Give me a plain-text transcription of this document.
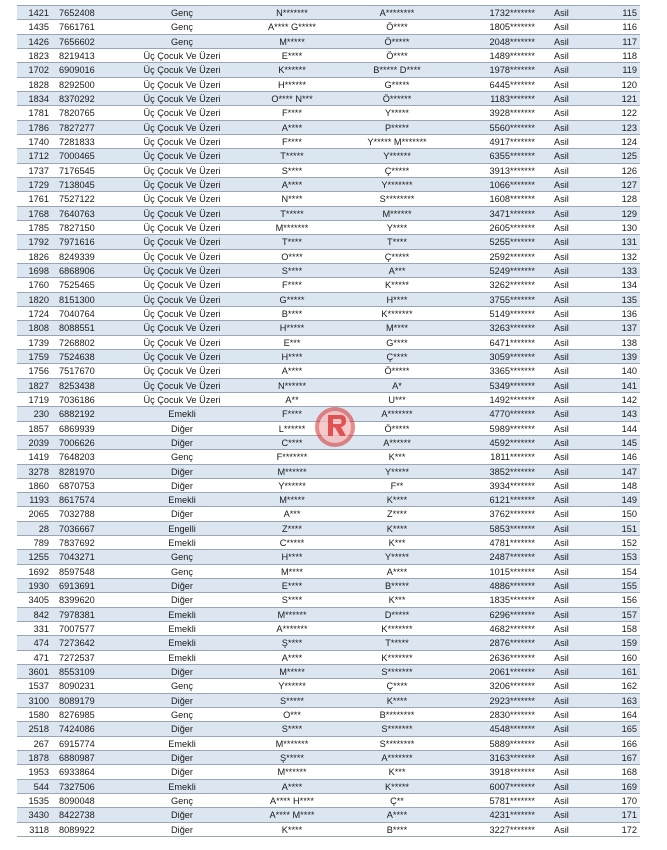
1421 7652408	Genç	N*******	A********	1732******* Asil	115
1435 7661761	Genç	A**** G*****	Ö****	1805******* Asil	116
1426 7656602	Genç	M*****	Ö*****	2048******* Asil	117
1823 8219413	Üç Çocuk Ve Üzeri	E****	Ö****	1489******* Asil	118
1702 6909016	Üç Çocuk Ve Üzeri	K******	B***** D****	1978******* Asil	119
1828 8292500	Üç Çocuk Ve Üzeri	H******	G*****	6445******* Asil	120
1834 8370292	Üç Çocuk Ve Üzeri	O**** N***	Ö******	1183******* Asil	121
1781 7820765	Üç Çocuk Ve Üzeri	F****	Y*****	3928******* Asil	122
1786 7827277	Üç Çocuk Ve Üzeri	A****	P*****	5560******* Asil	123
1740 7281833	Üç Çocuk Ve Üzeri	F****	Y***** M*******	4917******* Asil	124
1712 7000465	Üç Çocuk Ve Üzeri	T*****	Y******	6355******* Asil	125
1737 7176545	Üç Çocuk Ve Üzeri	S****	Ç*****	3913******* Asil	126
1729 7138045	Üç Çocuk Ve Üzeri	A****	Y*******	1066******* Asil	127
1761 7527122	Üç Çocuk Ve Üzeri	N****	S********	1608******* Asil	128
1768 7640763	Üç Çocuk Ve Üzeri	T*****	M******	3471******* Asil	129
1785 7827150	Üç Çocuk Ve Üzeri	M*******	Y****	2605******* Asil	130
1792 7971616	Üç Çocuk Ve Üzeri	T****	T****	5255******* Asil	131
1826 8249339	Üç Çocuk Ve Üzeri	O****	Ç*****	2592******* Asil	132
1698 6868906	Üç Çocuk Ve Üzeri	S****	A***	5249******* Asil	133
1760 7525465	Üç Çocuk Ve Üzeri	F****	K*****	3262******* Asil	134
1820 8151300	Üç Çocuk Ve Üzeri	G*****	H****	3755******* Asil	135
1724 7040764	Üç Çocuk Ve Üzeri	B****	K*******	5149******* Asil	136
1808 8088551	Üç Çocuk Ve Üzeri	H*****	M****	3263******* Asil	137
1739 7268802	Üç Çocuk Ve Üzeri	E***	G****	6471******* Asil	138
1759 7524638	Üç Çocuk Ve Üzeri	H****	Ç****	3059******* Asil	139
1756 7517670	Üç Çocuk Ve Üzeri	A****	Ö*****	3365******* Asil	140
1827 8253438	Üç Çocuk Ve Üzeri	N******	A*	5349******* Asil	141
1719 7036186	Üç Çocuk Ve Üzeri	A**	U***	1492******* Asil	142
230 6882192	Emekli	F****	A*******	4770******* Asil	143
1857 6869939	Diğer	L******	Ö*****	5989******* Asil	144
2039 7006626	Diğer	C****	A******	4592******* Asil	145
1419 7648203	Genç	F*******	K***	1811******* Asil	146
3278 8281970	Diğer	M******	Y*****	3852******* Asil	147
1860 6870753	Diğer	Y******	F**	3934******* Asil	148
1193 8617574	Emekli	M*****	K****	6121******* Asil	149
2065 7032788	Diğer	A***	Z****	3762******* Asil	150
28 7036667	Engelli	Z****	K****	5853******* Asil	151
789 7837692	Emekli	C*****	K***	4781******* Asil	152
1255 7043271	Genç	H****	Y*****	2487******* Asil	153
1692 8597548	Genç	M****	A****	1015******* Asil	154
1930 6913691	Diğer	E****	B*****	4886******* Asil	155
3405 8399620	Diğer	S****	K***	1835******* Asil	156
842 7978381	Emekli	M******	D*****	6296******* Asil	157
331 7007577	Emekli	A*******	K*******	4682******* Asil	158
474 7273642	Emekli	Ş****	T*****	2876******* Asil	159
471 7272537	Emekli	A****	K*******	2636******* Asil	160
3601 8553109	Diğer	M*****	S*******	2061******* Asil	161
1537 8090231	Genç	Y******	Ç****	3206******* Asil	162
3100 8089179	Diğer	S*****	K****	2923******* Asil	163
1580 8276985	Genç	O***	B********	2830******* Asil	164
2518 7424086	Diğer	S****	S*******	4548******* Asil	165
267 6915774	Emekli	M*******	S********	5889******* Asil	166
1878 6880987	Diğer	Ş*****	A*******	3163******* Asil	167
1953 6933864	Diğer	M******	K***	3918******* Asil	168
544 7327506	Emekli	A****	K*****	6007******* Asil	169
1535 8090048	Genç	A**** H****	Ç**	5781******* Asil	170
3430 8422738	Diğer	A**** M****	A****	4231******* Asil	171
3118 8089922	Diğer	K****	B****	3227******* Asil	172
